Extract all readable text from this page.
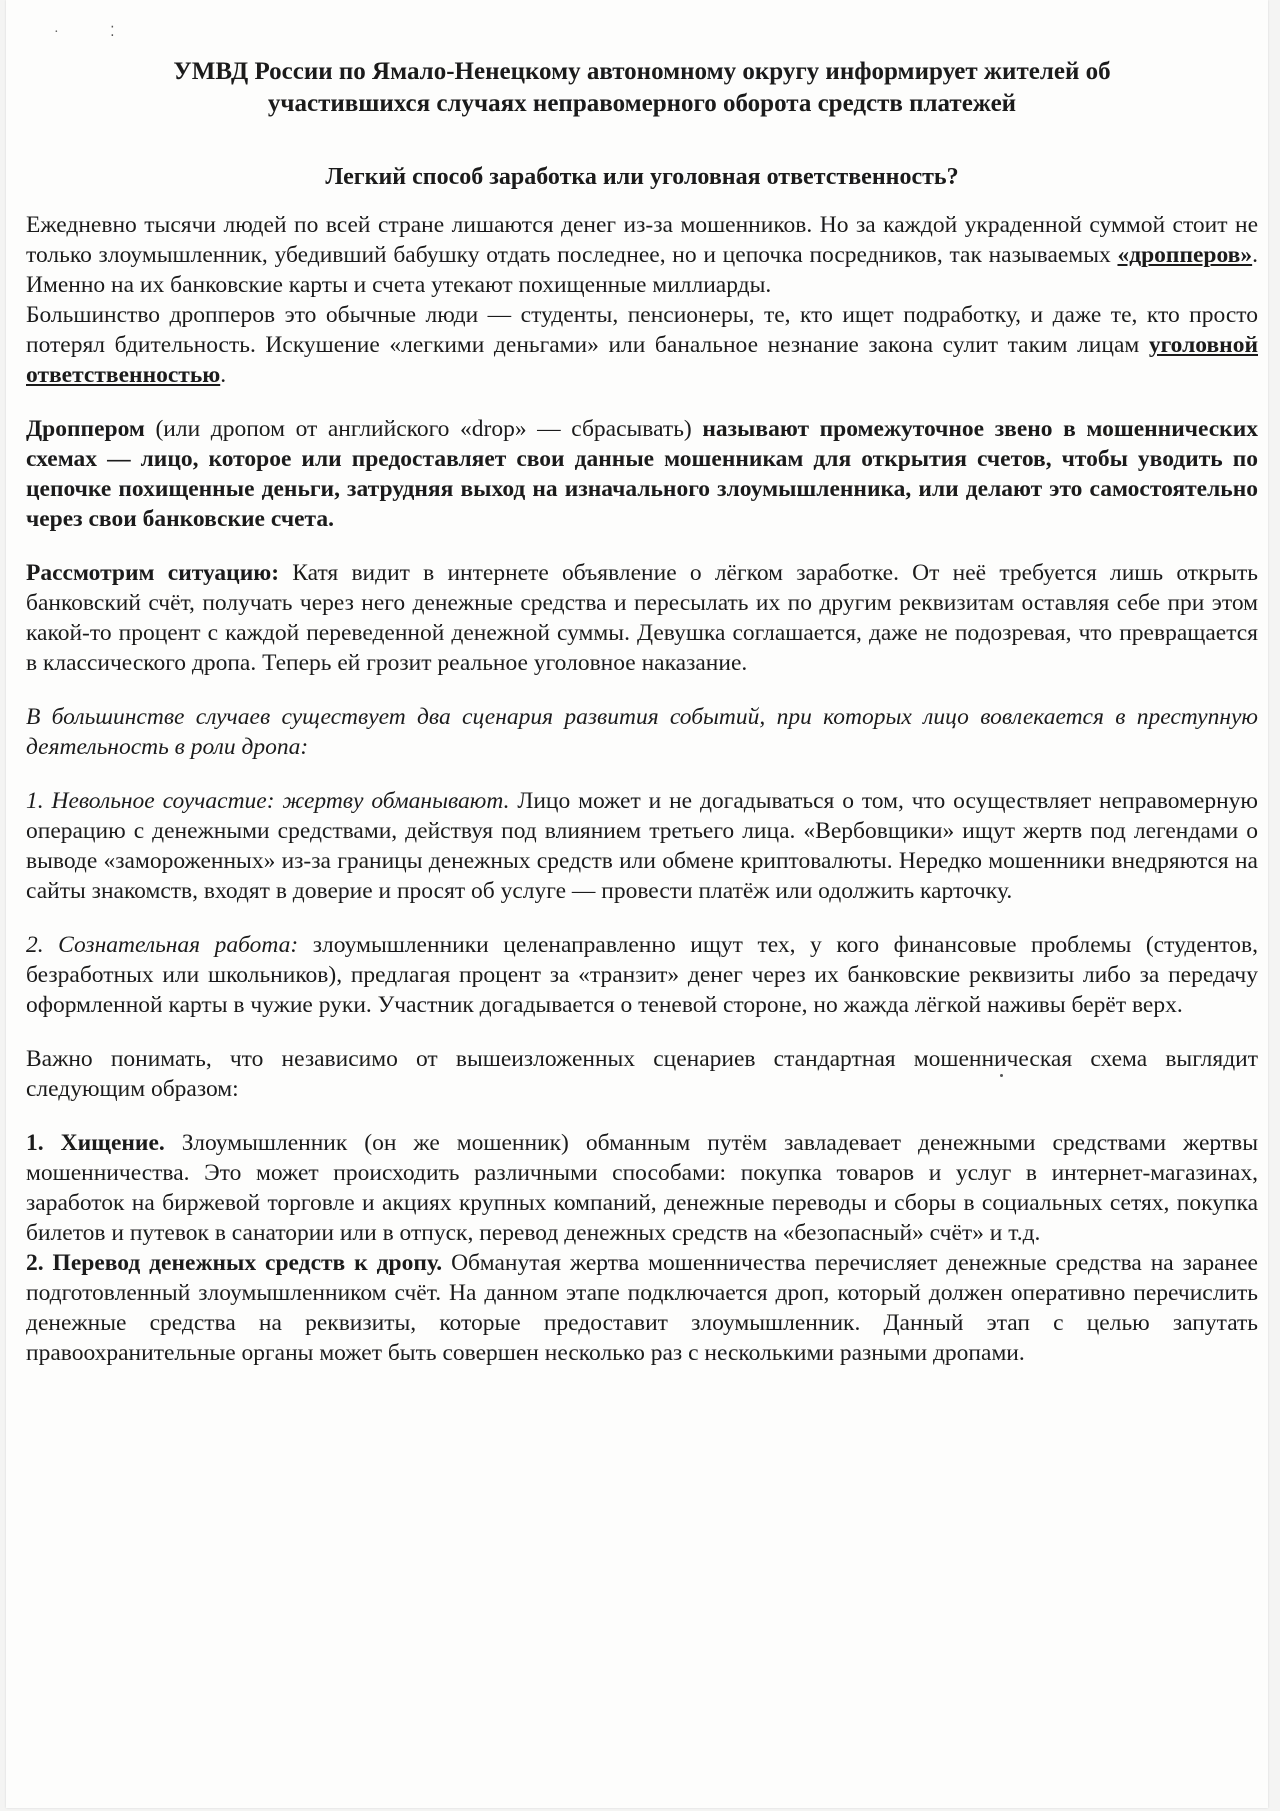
· ⁚
УМВД России по Ямало-Ненецкому автономному округу информирует жителей об
участившихся случаях неправомерного оборота средств платежей
Легкий способ заработка или уголовная ответственность?

Ежедневно тысячи людей по всей стране лишаются денег из-за мошенников. Но за каждой украденной суммой стоит не только злоумышленник, убедивший бабушку отдать последнее, но и цепочка посредников, так называемых «дропперов». Именно на их банковские карты и счета утекают похищенные миллиарды.

Большинство дропперов это обычные люди — студенты, пенсионеры, те, кто ищет подработку, и даже те, кто просто потерял бдительность. Искушение «легкими деньгами» или банальное незнание закона сулит таким лицам уголовной ответственностью.

Дроппером (или дропом от английского «drop» — сбрасывать) называют промежуточное звено в мошеннических схемах — лицо, которое или предоставляет свои данные мошенникам для открытия счетов, чтобы уводить по цепочке похищенные деньги, затрудняя выход на изначального злоумышленника, или делают это самостоятельно через свои банковские счета.

Рассмотрим ситуацию: Катя видит в интернете объявление о лёгком заработке. От неё требуется лишь открыть банковский счёт, получать через него денежные средства и пересылать их по другим реквизитам оставляя себе при этом какой-то процент с каждой переведенной денежной суммы. Девушка соглашается, даже не подозревая, что превращается в классического дропа. Теперь ей грозит реальное уголовное наказание.

В большинстве случаев существует два сценария развития событий, при которых лицо вовлекается в преступную деятельность в роли дропа:

1. Невольное соучастие: жертву обманывают. Лицо может и не догадываться о том, что осуществляет неправомерную операцию с денежными средствами, действуя под влиянием третьего лица. «Вербовщики» ищут жертв под легендами о выводе «замороженных» из-за границы денежных средств или обмене криптовалюты. Нередко мошенники внедряются на сайты знакомств, входят в доверие и просят об услуге — провести платёж или одолжить карточку.

2. Сознательная работа: злоумышленники целенаправленно ищут тех, у кого финансовые проблемы (студентов, безработных или школьников), предлагая процент за «транзит» денег через их банковские реквизиты либо за передачу оформленной карты в чужие руки. Участник догадывается о теневой стороне, но жажда лёгкой наживы берёт верх.

Важно понимать, что независимо от вышеизложенных сценариев стандартная мошенническая схема выглядит следующим образом:

1. Хищение. Злоумышленник (он же мошенник) обманным путём завладевает денежными средствами жертвы мошенничества. Это может происходить различными способами: покупка товаров и услуг в интернет-магазинах, заработок на биржевой торговле и акциях крупных компаний, денежные переводы и сборы в социальных сетях, покупка билетов и путевок в санатории или в отпуск, перевод денежных средств на «безопасный» счёт» и т.д.

2. Перевод денежных средств к дропу. Обманутая жертва мошенничества перечисляет денежные средства на заранее подготовленный злоумышленником счёт. На данном этапе подключается дроп, который должен оперативно перечислить денежные средства на реквизиты, которые предоставит злоумышленник. Данный этап с целью запутать правоохранительные органы может быть совершен несколько раз с несколькими разными дропами.
